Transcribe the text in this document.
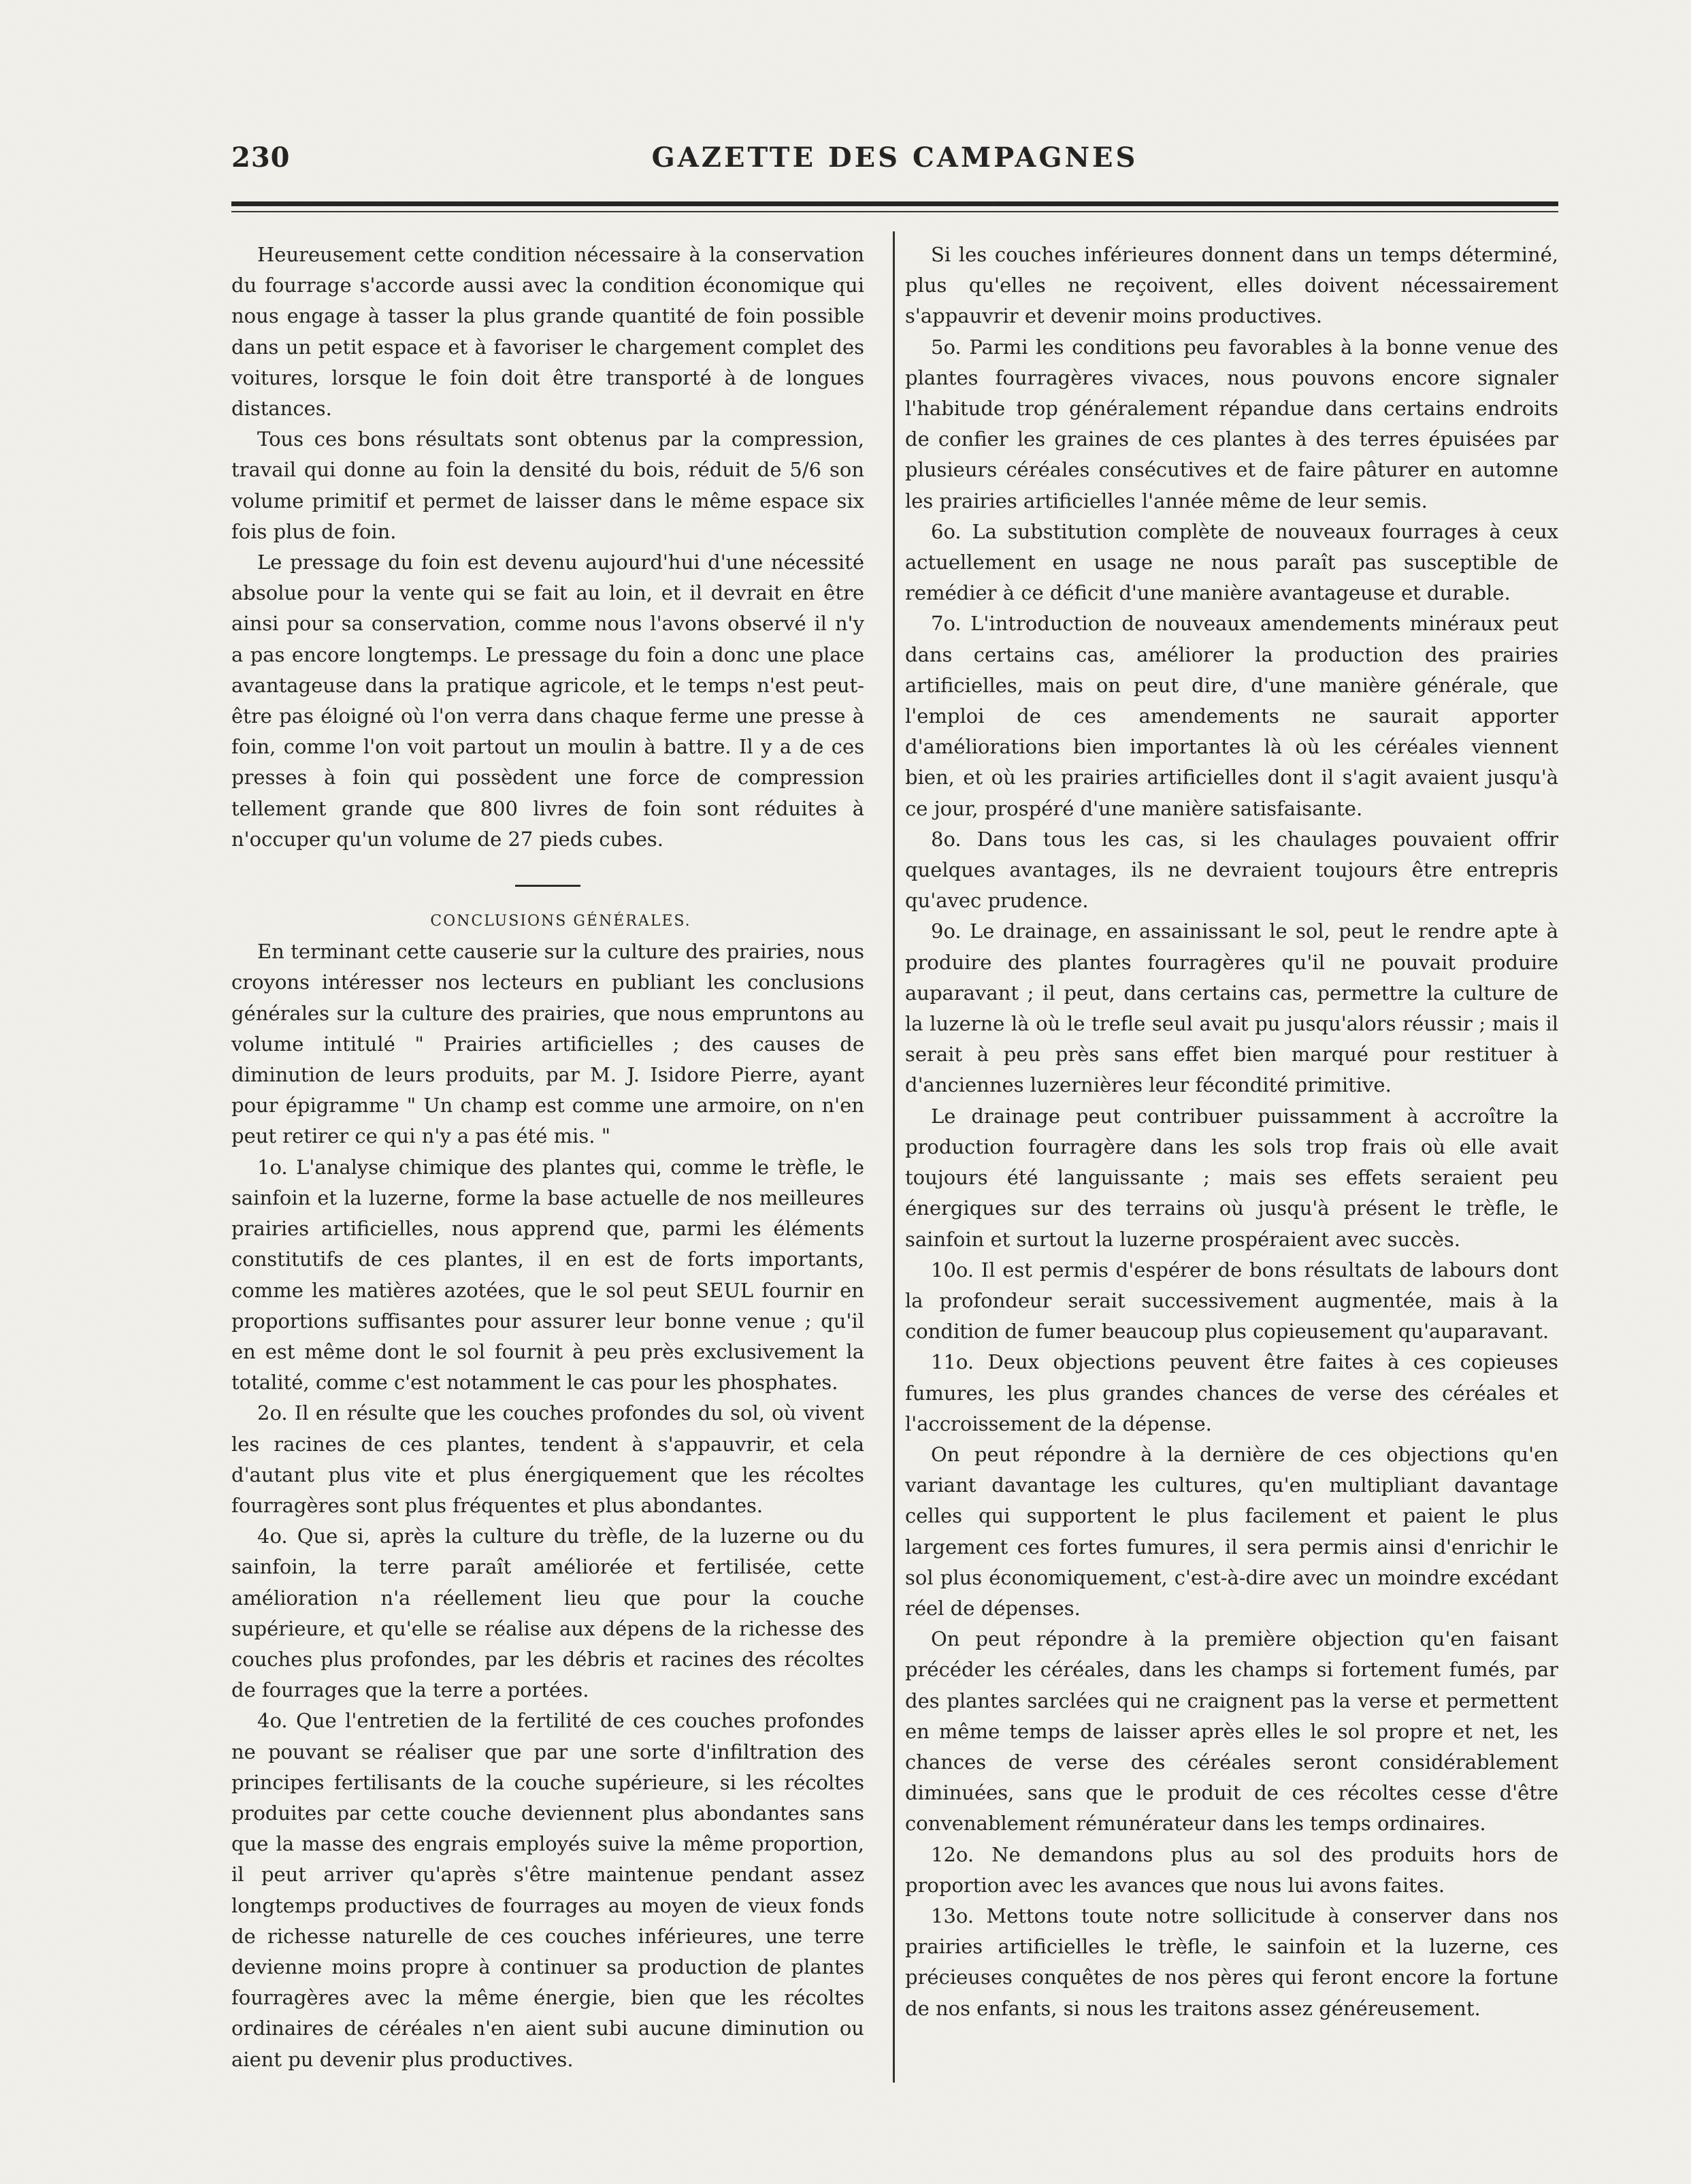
230	GAZETTE DES CAMPAGNES

Heureusement cette condition nécessaire à la conservation du fourrage s'accorde aussi avec la condition économique qui nous engage à tasser la plus grande quantité de foin possible dans un petit espace et à favoriser le chargement complet des voitures, lorsque le foin doit être transporté à de longues distances.

Tous ces bons résultats sont obtenus par la compression, travail qui donne au foin la densité du bois, réduit de 5/6 son volume primitif et permet de laisser dans le même espace six fois plus de foin.

Le pressage du foin est devenu aujourd'hui d'une nécessité absolue pour la vente qui se fait au loin, et il devrait en être ainsi pour sa conservation, comme nous l'avons observé il n'y a pas encore longtemps. Le pressage du foin a donc une place avantageuse dans la pratique agricole, et le temps n'est peut-être pas éloigné où l'on verra dans chaque ferme une presse à foin, comme l'on voit partout un moulin à battre. Il y a de ces presses à foin qui possèdent une force de compression tellement grande que 800 livres de foin sont réduites à n'occuper qu'un volume de 27 pieds cubes.

CONCLUSIONS GÉNÉRALES.

En terminant cette causerie sur la culture des prairies, nous croyons intéresser nos lecteurs en publiant les conclusions générales sur la culture des prairies, que nous empruntons au volume intitulé " Prairies artificielles ; des causes de diminution de leurs produits, par M. J. Isidore Pierre, ayant pour épigramme " Un champ est comme une armoire, on n'en peut retirer ce qui n'y a pas été mis. "

1o. L'analyse chimique des plantes qui, comme le trèfle, le sainfoin et la luzerne, forme la base actuelle de nos meilleures prairies artificielles, nous apprend que, parmi les éléments constitutifs de ces plantes, il en est de forts importants, comme les matières azotées, que le sol peut SEUL fournir en proportions suffisantes pour assurer leur bonne venue ; qu'il en est même dont le sol fournit à peu près exclusivement la totalité, comme c'est notamment le cas pour les phosphates.

2o. Il en résulte que les couches profondes du sol, où vivent les racines de ces plantes, tendent à s'appauvrir, et cela d'autant plus vite et plus énergiquement que les récoltes fourragères sont plus fréquentes et plus abondantes.

4o. Que si, après la culture du trèfle, de la luzerne ou du sainfoin, la terre paraît améliorée et fertilisée, cette amélioration n'a réellement lieu que pour la couche supérieure, et qu'elle se réalise aux dépens de la richesse des couches plus profondes, par les débris et racines des récoltes de fourrages que la terre a portées.

4o. Que l'entretien de la fertilité de ces couches profondes ne pouvant se réaliser que par une sorte d'infiltration des principes fertilisants de la couche supérieure, si les récoltes produites par cette couche deviennent plus abondantes sans que la masse des engrais employés suive la même proportion, il peut arriver qu'après s'être maintenue pendant assez longtemps productives de fourrages au moyen de vieux fonds de richesse naturelle de ces couches inférieures, une terre devienne moins propre à continuer sa production de plantes fourragères avec la même énergie, bien que les récoltes ordinaires de céréales n'en aient subi aucune diminution ou aient pu devenir plus productives.

Si les couches inférieures donnent dans un temps déterminé, plus qu'elles ne reçoivent, elles doivent nécessairement s'appauvrir et devenir moins productives.

5o. Parmi les conditions peu favorables à la bonne venue des plantes fourragères vivaces, nous pouvons encore signaler l'habitude trop généralement répandue dans certains endroits de confier les graines de ces plantes à des terres épuisées par plusieurs céréales consécutives et de faire pâturer en automne les prairies artificielles l'année même de leur semis.

6o. La substitution complète de nouveaux fourrages à ceux actuellement en usage ne nous paraît pas susceptible de remédier à ce déficit d'une manière avantageuse et durable.

7o. L'introduction de nouveaux amendements minéraux peut dans certains cas, améliorer la production des prairies artificielles, mais on peut dire, d'une manière générale, que l'emploi de ces amendements ne saurait apporter d'améliorations bien importantes là où les céréales viennent bien, et où les prairies artificielles dont il s'agit avaient jusqu'à ce jour, prospéré d'une manière satisfaisante.

8o. Dans tous les cas, si les chaulages pouvaient offrir quelques avantages, ils ne devraient toujours être entrepris qu'avec prudence.

9o. Le drainage, en assainissant le sol, peut le rendre apte à produire des plantes fourragères qu'il ne pouvait produire auparavant ; il peut, dans certains cas, permettre la culture de la luzerne là où le trefle seul avait pu jusqu'alors réussir ; mais il serait à peu près sans effet bien marqué pour restituer à d'anciennes luzernières leur fécondité primitive.

Le drainage peut contribuer puissamment à accroître la production fourragère dans les sols trop frais où elle avait toujours été languissante ; mais ses effets seraient peu énergiques sur des terrains où jusqu'à présent le trèfle, le sainfoin et surtout la luzerne prospéraient avec succès.

10o. Il est permis d'espérer de bons résultats de labours dont la profondeur serait successivement augmentée, mais à la condition de fumer beaucoup plus copieusement qu'auparavant.

11o. Deux objections peuvent être faites à ces copieuses fumures, les plus grandes chances de verse des céréales et l'accroissement de la dépense.

On peut répondre à la dernière de ces objections qu'en variant davantage les cultures, qu'en multipliant davantage celles qui supportent le plus facilement et paient le plus largement ces fortes fumures, il sera permis ainsi d'enrichir le sol plus économiquement, c'est-à-dire avec un moindre excédant réel de dépenses.

On peut répondre à la première objection qu'en faisant précéder les céréales, dans les champs si fortement fumés, par des plantes sarclées qui ne craignent pas la verse et permettent en même temps de laisser après elles le sol propre et net, les chances de verse des céréales seront considérablement diminuées, sans que le produit de ces récoltes cesse d'être convenablement rémunérateur dans les temps ordinaires.

12o. Ne demandons plus au sol des produits hors de proportion avec les avances que nous lui avons faites.

13o. Mettons toute notre sollicitude à conserver dans nos prairies artificielles le trèfle, le sainfoin et la luzerne, ces précieuses conquêtes de nos pères qui feront encore la fortune de nos enfants, si nous les traitons assez généreusement.
